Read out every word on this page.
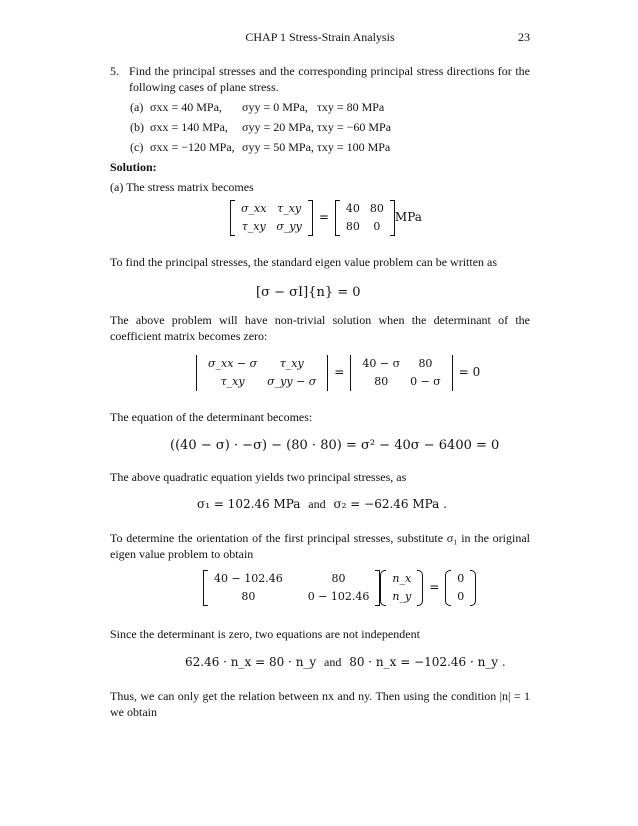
CHAP 1 Stress-Strain Analysis	23
5. Find the principal stresses and the corresponding principal stress directions for the following cases of plane stress.
(a) σxx = 40 MPa, σyy = 0 MPa, τxy = 80 MPa
(b) σxx = 140 MPa, σyy = 20 MPa, τxy = −60 MPa
(c) σxx = −120 MPa, σyy = 50 MPa, τxy = 100 MPa
Solution:
(a) The stress matrix becomes
σ_xx	τ_xy
τ_xy	σ_yy
=
40	80
80	0
MPa
To find the principal stresses, the standard eigen value problem can be written as
[σ − σI]{n} = 0
The above problem will have non-trivial solution when the determinant of the coefficient matrix becomes zero:
σ_xx − σ	τ_xy
τ_xy	σ_yy − σ
=
40 − σ	80
80	0 − σ
= 0
The equation of the determinant becomes:
((40 − σ) · −σ) − (80 · 80) = σ² − 40σ − 6400 = 0
The above quadratic equation yields two principal stresses, as
σ₁ = 102.46 MPa and σ₂ = −62.46 MPa .
To determine the orientation of the first principal stresses, substitute σ₁ in the original eigen value problem to obtain
40 − 102.46	80
80	0 − 102.46
n_x
n_y
=
0
0
Since the determinant is zero, two equations are not independent
62.46 · n_x = 80 · n_y and 80 · n_x = −102.46 · n_y .
Thus, we can only get the relation between nx and ny. Then using the condition |n| = 1 we obtain
